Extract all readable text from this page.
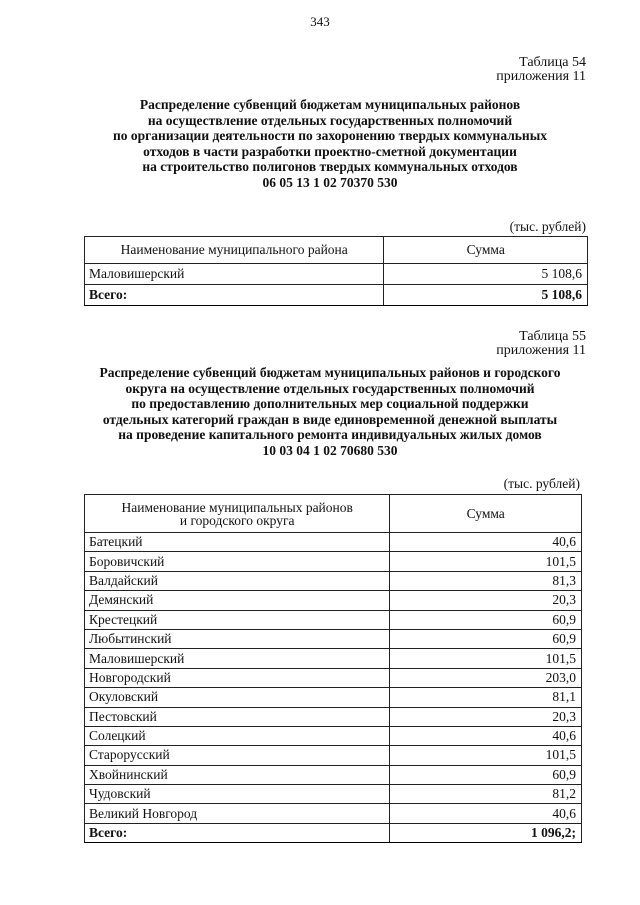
343
Таблица 54
приложения 11
Распределение субвенций бюджетам муниципальных районов
на осуществление отдельных государственных полномочий
по организации деятельности по захоронению твердых коммунальных
отходов в части разработки проектно-сметной документации
на строительство полигонов твердых коммунальных отходов
06 05 13 1 02 70370 530
(тыс. рублей)
Наименование муниципального района	Сумма
Маловишерский	5 108,6
Всего:	5 108,6
Таблица 55
приложения 11
Распределение субвенций бюджетам муниципальных районов и городского
округа на осуществление отдельных государственных полномочий
по предоставлению дополнительных мер социальной поддержки
отдельных категорий граждан в виде единовременной денежной выплаты
на проведение капитального ремонта индивидуальных жилых домов
10 03 04 1 02 70680 530
(тыс. рублей)
Наименование муниципальных районов
и городского округа	Сумма
Батецкий	40,6
Боровичский	101,5
Валдайский	81,3
Демянский	20,3
Крестецкий	60,9
Любытинский	60,9
Маловишерский	101,5
Новгородский	203,0
Окуловский	81,1
Пестовский	20,3
Солецкий	40,6
Старорусский	101,5
Хвойнинский	60,9
Чудовский	81,2
Великий Новгород	40,6
Всего:	1 096,2;
